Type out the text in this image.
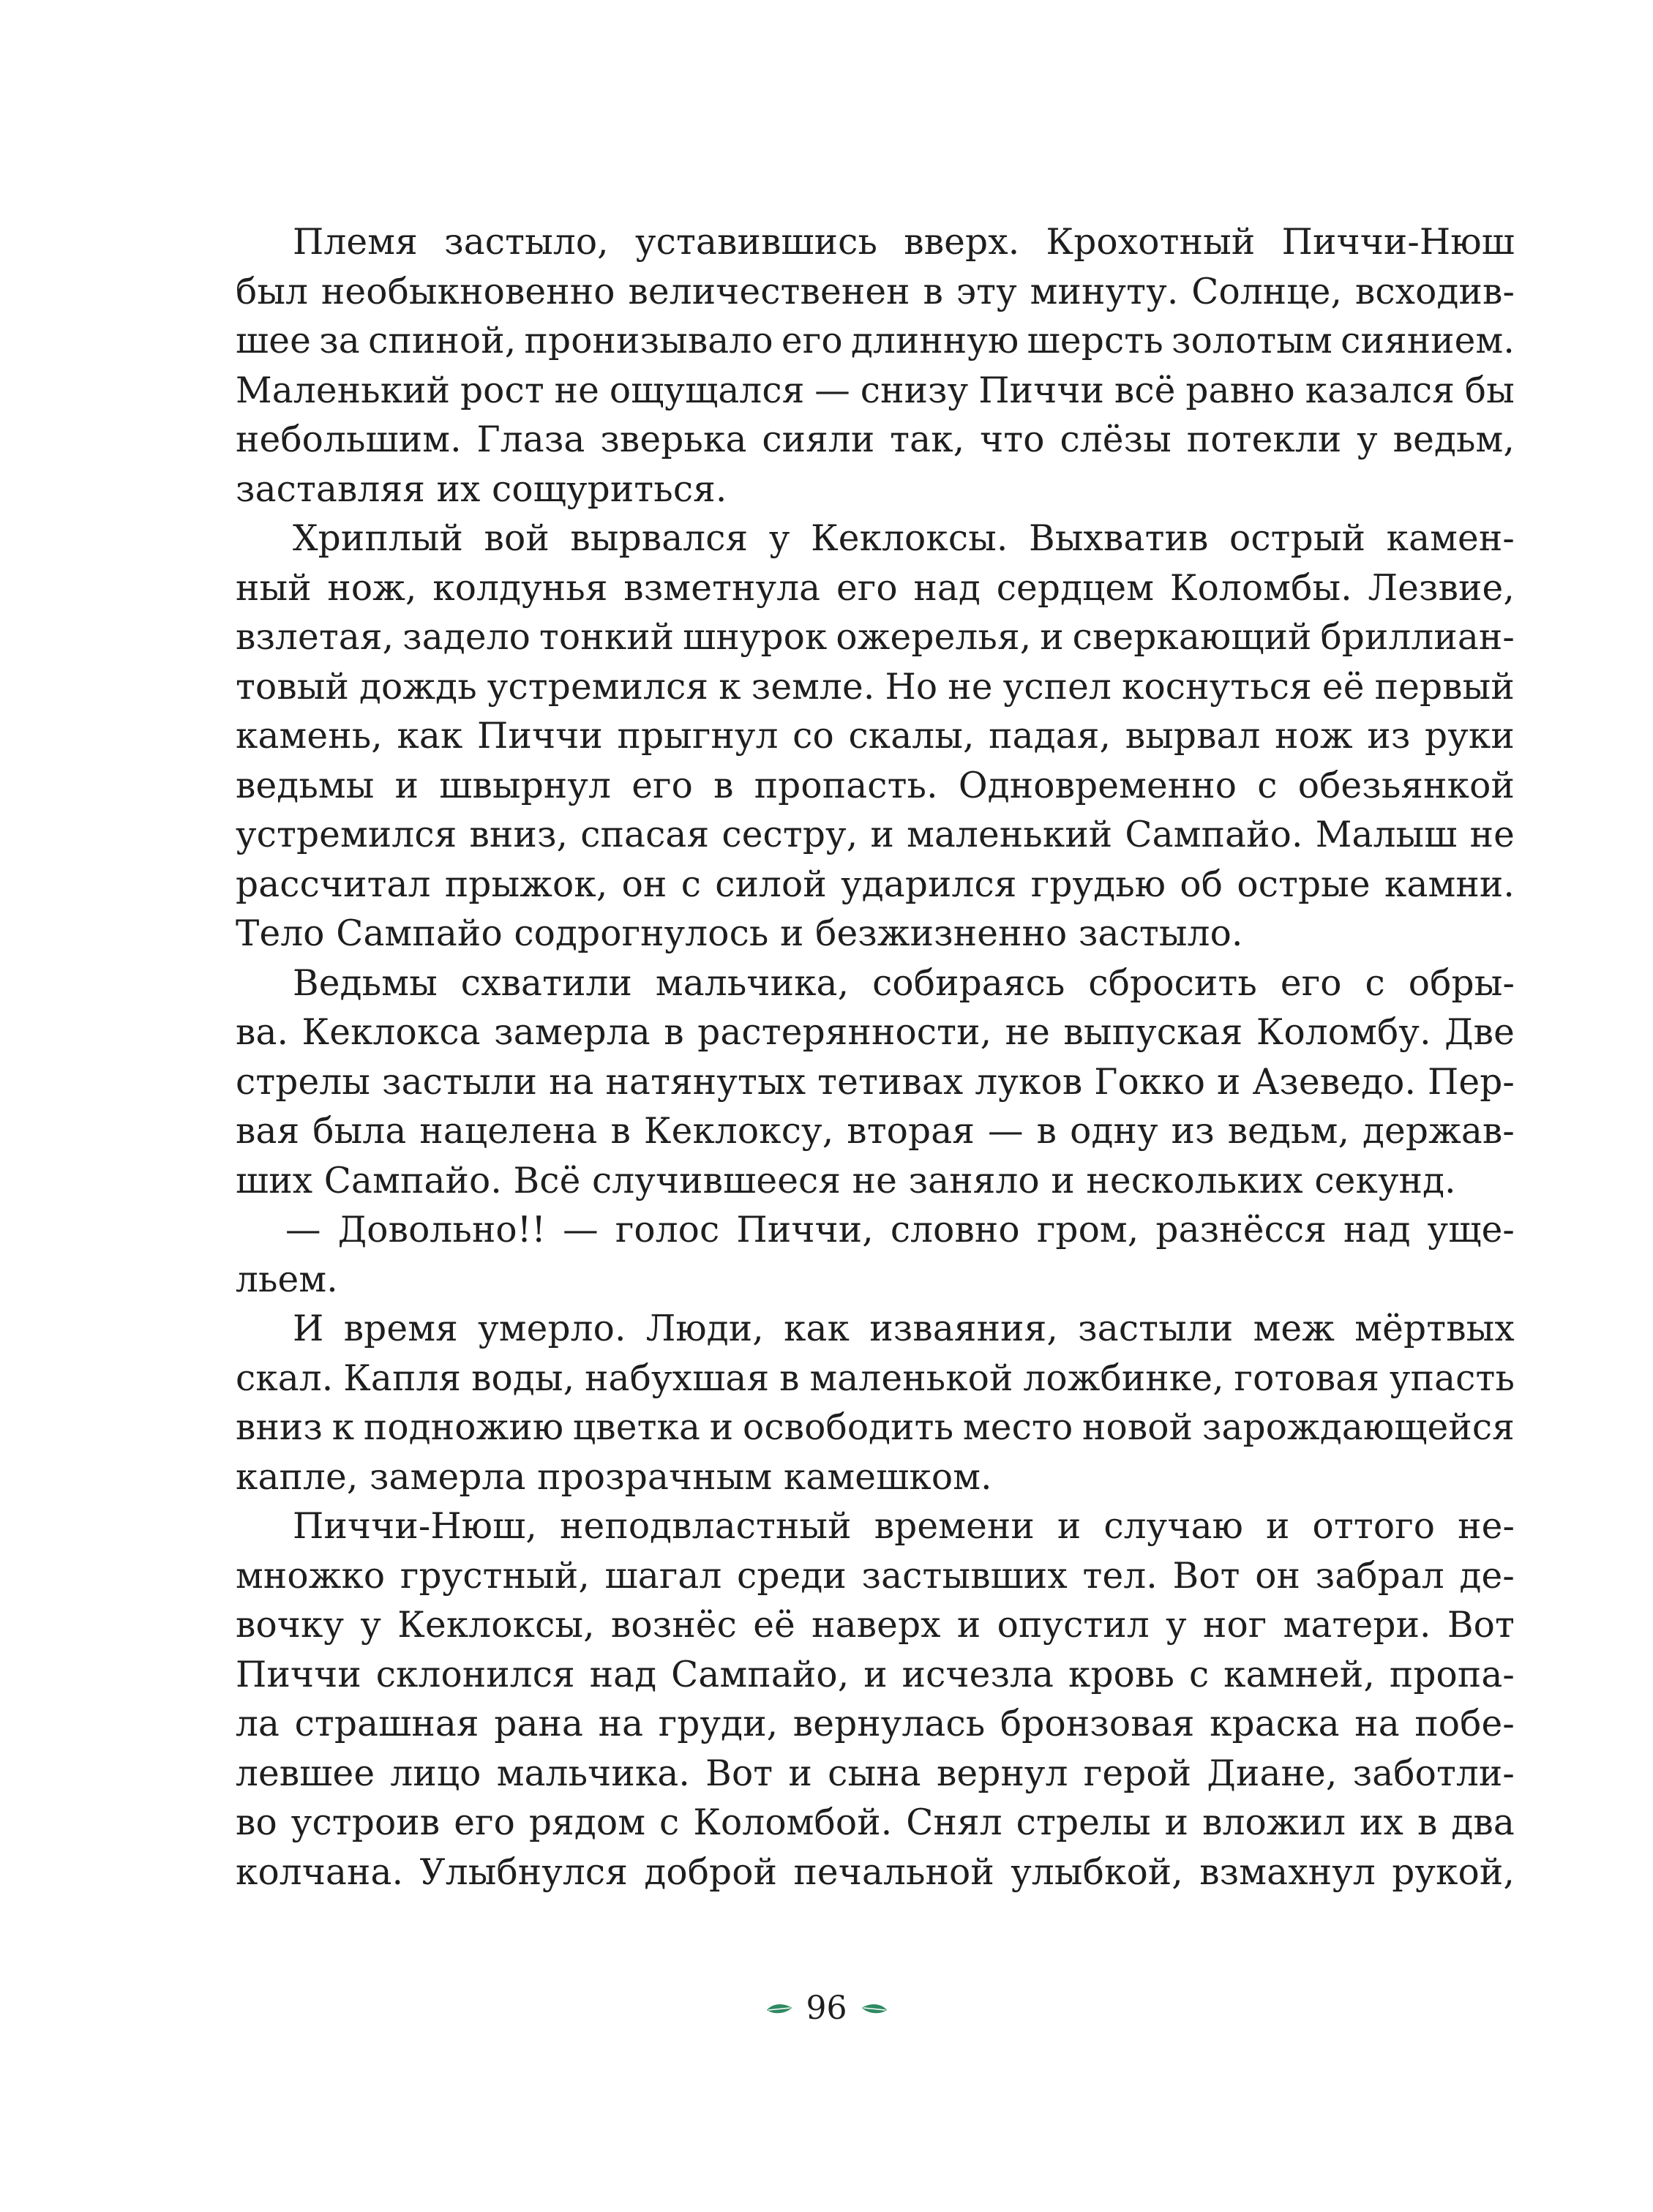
Племя застыло, уставившись вверх. Крохотный Пиччи-Нюш
был необыкновенно величественен в эту минуту. Солнце, всходив-
шее за спиной, пронизывало его длинную шерсть золотым сиянием.
Маленький рост не ощущался — снизу Пиччи всё равно казался бы
небольшим. Глаза зверька сияли так, что слёзы потекли у ведьм,
заставляя их сощуриться.
Хриплый вой вырвался у Кеклоксы. Выхватив острый камен-
ный нож, колдунья взметнула его над сердцем Коломбы. Лезвие,
взлетая, задело тонкий шнурок ожерелья, и сверкающий бриллиан-
товый дождь устремился к земле. Но не успел коснуться её первый
камень, как Пиччи прыгнул со скалы, падая, вырвал нож из руки
ведьмы и швырнул его в пропасть. Одновременно с обезьянкой
устремился вниз, спасая сестру, и маленький Сампайо. Малыш не
рассчитал прыжок, он с силой ударился грудью об острые камни.
Тело Сампайо содрогнулось и безжизненно застыло.
Ведьмы схватили мальчика, собираясь сбросить его с обры-
ва. Кеклокса замерла в растерянности, не выпуская Коломбу. Две
стрелы застыли на натянутых тетивах луков Гокко и Азеведо. Пер-
вая была нацелена в Кеклоксу, вторая — в одну из ведьм, держав-
ших Сампайо. Всё случившееся не заняло и нескольких секунд.
— Довольно!! — голос Пиччи, словно гром, разнёсся над уще-
льем.
И время умерло. Люди, как изваяния, застыли меж мёртвых
скал. Капля воды, набухшая в маленькой ложбинке, готовая упасть
вниз к подножию цветка и освободить место новой зарождающейся
капле, замерла прозрачным камешком.
Пиччи-Нюш, неподвластный времени и случаю и оттого не-
множко грустный, шагал среди застывших тел. Вот он забрал де-
вочку у Кеклоксы, вознёс её наверх и опустил у ног матери. Вот
Пиччи склонился над Сампайо, и исчезла кровь с камней, пропа-
ла страшная рана на груди, вернулась бронзовая краска на побе-
левшее лицо мальчика. Вот и сына вернул герой Диане, заботли-
во устроив его рядом с Коломбой. Снял стрелы и вложил их в два
колчана. Улыбнулся доброй печальной улыбкой, взмахнул рукой,
96
